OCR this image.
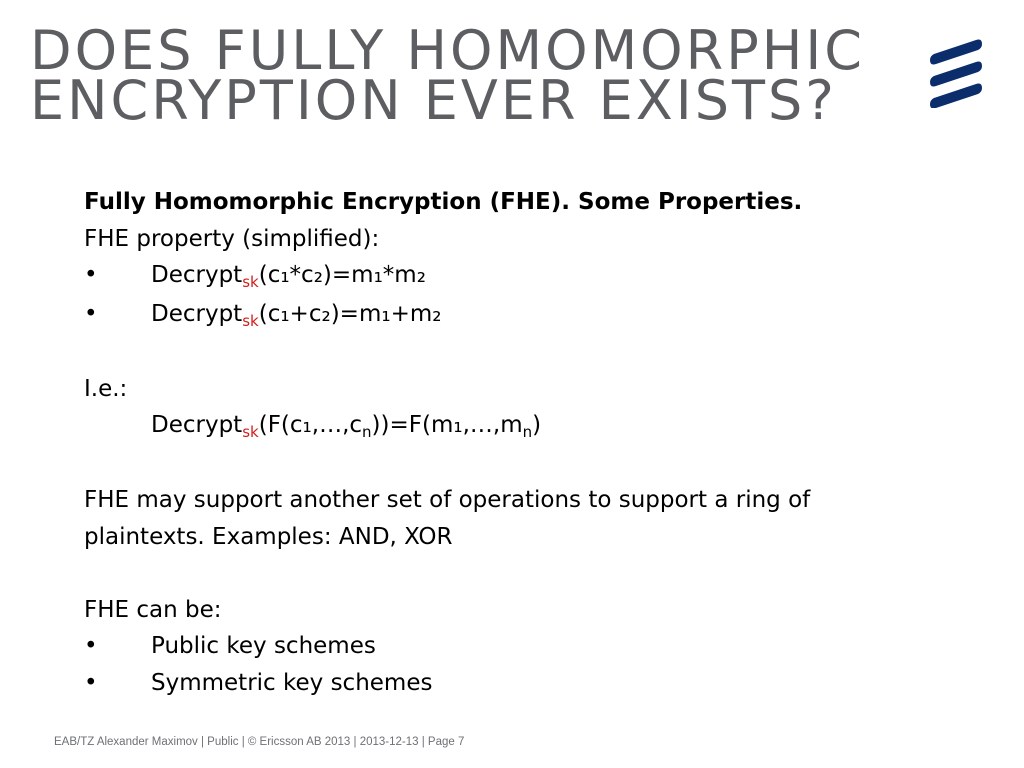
DOES FULLY HOMOMORPHIC
ENCRYPTION EVER EXISTS?
Fully Homomorphic Encryption (FHE). Some Properties.
FHE property (simplified):
• Decrypt$_{sk}$(c₁*c₂)=m₁*m₂
• Decrypt$_{sk}$(c₁+c₂)=m₁+m₂
I.e.:
$Decrypt_{sk}(F(c_1,\dots,c_n))=F(m_1,\dots,m_n)$
FHE may support another set of operations to support a ring of plaintexts. Examples: AND, XOR
FHE can be:
• Public key schemes
• Symmetric key schemes
EAB/TZ Alexander Maximov | Public | © Ericsson AB 2013 | 2013-12-13 | Page 7
